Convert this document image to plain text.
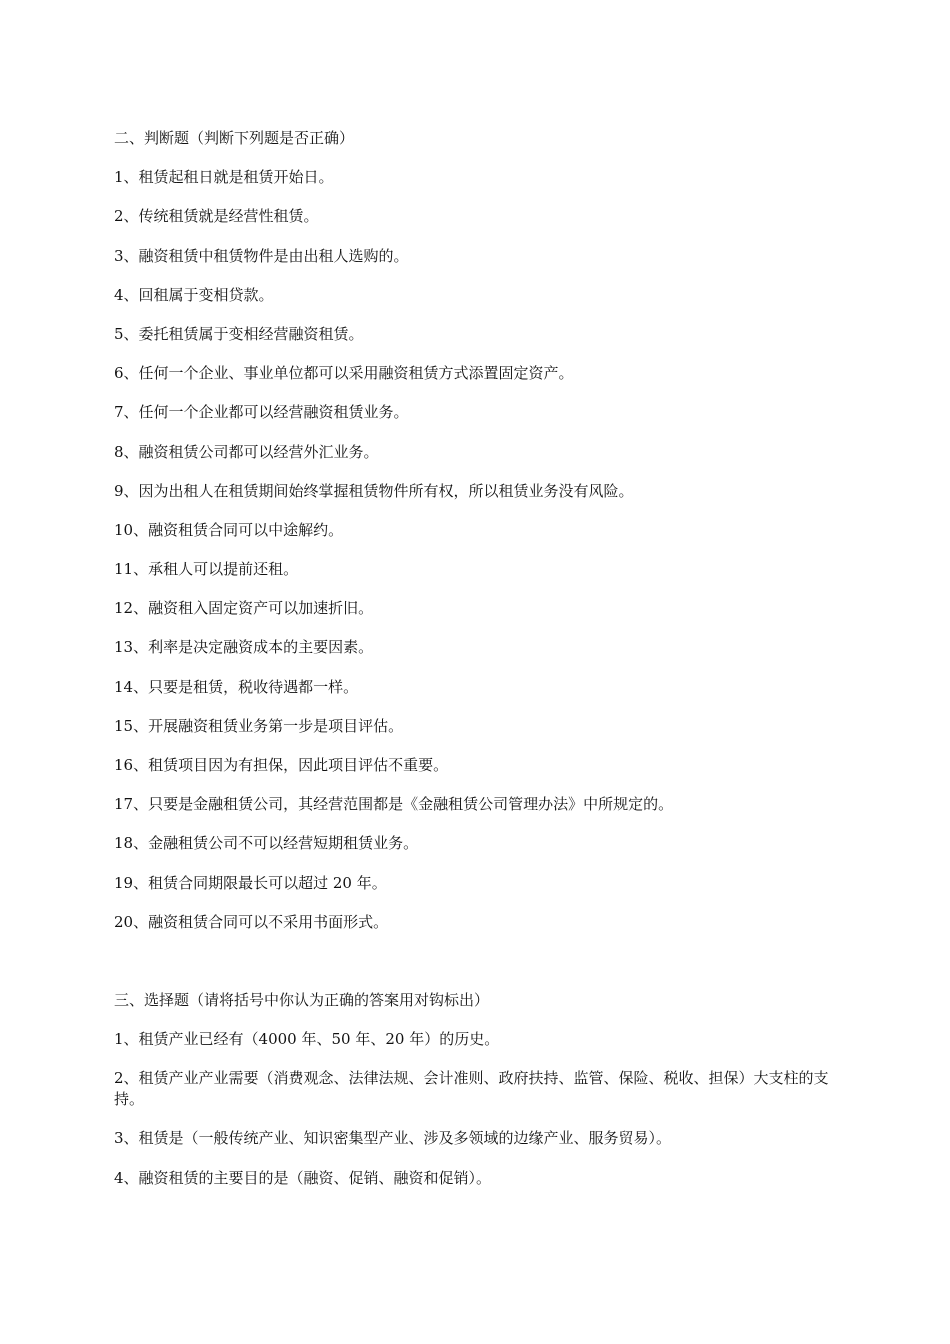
二、判断题（判断下列题是否正确）

1、租赁起租日就是租赁开始日。

2、传统租赁就是经营性租赁。

3、融资租赁中租赁物件是由出租人选购的。

4、回租属于变相贷款。

5、委托租赁属于变相经营融资租赁。

6、任何一个企业、事业单位都可以采用融资租赁方式添置固定资产。

7、任何一个企业都可以经营融资租赁业务。

8、融资租赁公司都可以经营外汇业务。

9、因为出租人在租赁期间始终掌握租赁物件所有权，所以租赁业务没有风险。

10、融资租赁合同可以中途解约。

11、承租人可以提前还租。

12、融资租入固定资产可以加速折旧。

13、利率是决定融资成本的主要因素。

14、只要是租赁，税收待遇都一样。

15、开展融资租赁业务第一步是项目评估。

16、租赁项目因为有担保，因此项目评估不重要。

17、只要是金融租赁公司，其经营范围都是《金融租赁公司管理办法》中所规定的。

18、金融租赁公司不可以经营短期租赁业务。

19、租赁合同期限最长可以超过 20 年。

20、融资租赁合同可以不采用书面形式。

三、选择题（请将括号中你认为正确的答案用对钩标出）

1、租赁产业已经有（4000 年、50 年、20 年）的历史。

2、租赁产业产业需要（消费观念、法律法规、会计准则、政府扶持、监管、保险、税收、担保）大支柱的支持。

3、租赁是（一般传统产业、知识密集型产业、涉及多领域的边缘产业、服务贸易）。

4、融资租赁的主要目的是（融资、促销、融资和促销）。
